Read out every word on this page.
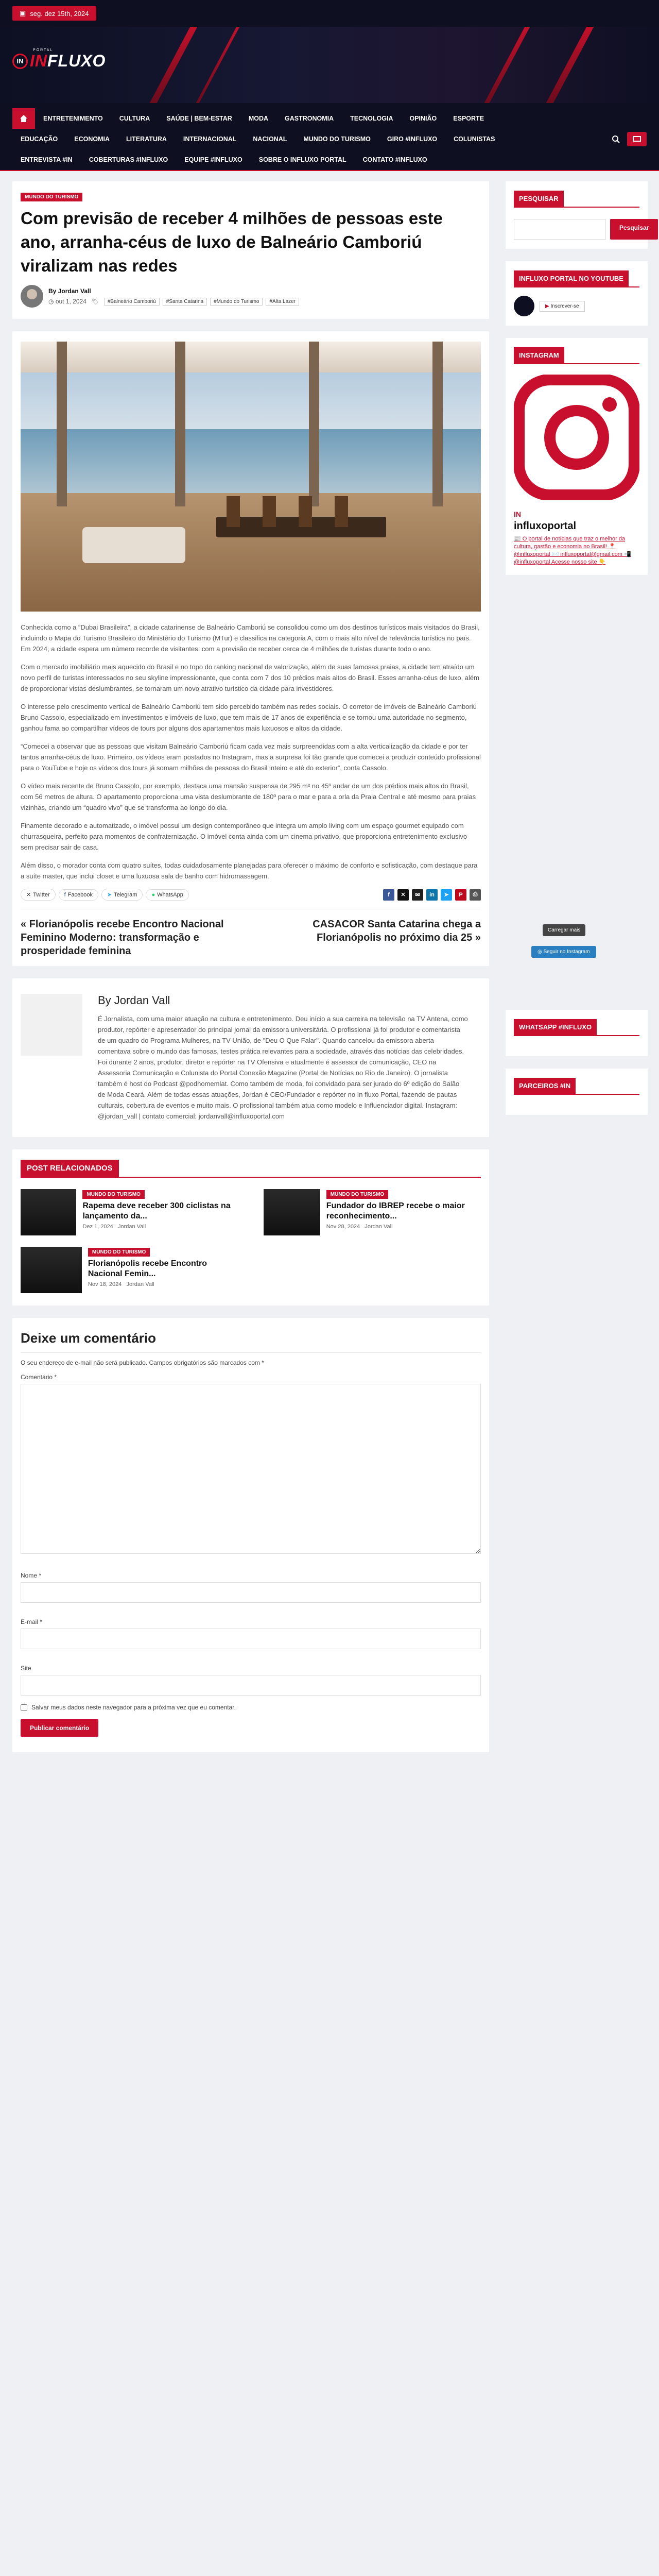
▣ seg. dez 15th, 2024
IN
PORTAL
INFLUXO
ENTRETENIMENTO	CULTURA	SAÚDE | BEM-ESTAR	MODA	GASTRONOMIA	TECNOLOGIA	OPINIÃO	ESPORTE
EDUCAÇÃO	ECONOMIA	LITERATURA	INTERNACIONAL	NACIONAL	MUNDO DO TURISMO	GIRO #INFLUXO	COLUNISTAS
ENTREVISTA #IN	COBERTURAS #INFLUXO	EQUIPE #INFLUXO	SOBRE O INFLUXO PORTAL	CONTATO #INFLUXO
MUNDO DO TURISMO
Com previsão de receber 4 milhões de pessoas este ano, arranha-céus de luxo de Balneário Camboriú viralizam nas redes
By Jordan Vall
◷ out 1, 2024 🏷	#Balneário Camboriú	#Santa Catarina	#Mundo do Turismo	#Alta Lazer

Conhecida como a “Dubai Brasileira”, a cidade catarinense de Balneário Camboriú se consolidou como um dos destinos turísticos mais visitados do Brasil, incluindo o Mapa do Turismo Brasileiro do Ministério do Turismo (MTur) e classifica na categoria A, com o mais alto nível de relevância turística no país. Em 2024, a cidade espera um número recorde de visitantes: com a previsão de receber cerca de 4 milhões de turistas durante todo o ano.

Com o mercado imobiliário mais aquecido do Brasil e no topo do ranking nacional de valorização, além de suas famosas praias, a cidade tem atraído um novo perfil de turistas interessados no seu skyline impressionante, que conta com 7 dos 10 prédios mais altos do Brasil. Esses arranha-céus de luxo, além de proporcionar vistas deslumbrantes, se tornaram um novo atrativo turístico da cidade para investidores.

O interesse pelo crescimento vertical de Balneário Camboriú tem sido percebido também nas redes sociais. O corretor de imóveis de Balneário Camboriú Bruno Cassolo, especializado em investimentos e imóveis de luxo, que tem mais de 17 anos de experiência e se tornou uma autoridade no segmento, ganhou fama ao compartilhar vídeos de tours por alguns dos apartamentos mais luxuosos e altos da cidade.

“Comecei a observar que as pessoas que visitam Balneário Camboriú ficam cada vez mais surpreendidas com a alta verticalização da cidade e por ter tantos arranha-céus de luxo. Primeiro, os vídeos eram postados no Instagram, mas a surpresa foi tão grande que comecei a produzir conteúdo profissional para o YouTube e hoje os vídeos dos tours já somam milhões de pessoas do Brasil inteiro e até do exterior”, conta Cassolo.

O vídeo mais recente de Bruno Cassolo, por exemplo, destaca uma mansão suspensa de 295 m² no 45º andar de um dos prédios mais altos do Brasil, com 56 metros de altura. O apartamento proporciona uma vista deslumbrante de 180º para o mar e para a orla da Praia Central e até mesmo para praias vizinhas, criando um “quadro vivo” que se transforma ao longo do dia.

Finamente decorado e automatizado, o imóvel possui um design contemporâneo que integra um amplo living com um espaço gourmet equipado com churrasqueira, perfeito para momentos de confraternização. O imóvel conta ainda com um cinema privativo, que proporciona entretenimento exclusivo sem precisar sair de casa.

Além disso, o morador conta com quatro suítes, todas cuidadosamente planejadas para oferecer o máximo de conforto e sofisticação, com destaque para a suíte master, que inclui closet e uma luxuosa sala de banho com hidromassagem.

✕ Twitter	f Facebook	➤ Telegram	● WhatsApp	f	✕	✉	in	➤	P	⎙
« Florianópolis recebe Encontro Nacional Feminino Moderno: transformação e prosperidade feminina
CASACOR Santa Catarina chega a Florianópolis no próximo dia 25 »
By Jordan Vall
É Jornalista, com uma maior atuação na cultura e entretenimento. Deu início a sua carreira na televisão na TV Antena, como produtor, repórter e apresentador do principal jornal da emissora universitária. O profissional já foi produtor e comentarista de um quadro do Programa Mulheres, na TV União, de "Deu O Que Falar". Quando cancelou da emissora aberta comentava sobre o mundo das famosas, testes prática relevantes para a sociedade, através das notícias das celebridades. Foi durante 2 anos, produtor, diretor e repórter na TV Ofensiva e atualmente é assessor de comunicação, CEO na Assessoria Comunicação e Colunista do Portal Conexão Magazine (Portal de Notícias no Rio de Janeiro). O jornalista também é host do Podcast @podhomemlat. Como também de moda, foi convidado para ser jurado do 6º edição do Salão de Moda Ceará. Além de todas essas atuações, Jordan é CEO/Fundador e repórter no In fluxo Portal, fazendo de pautas culturais, cobertura de eventos e muito mais. O profissional também atua como modelo e Influenciador digital. Instagram: @jordan_vall | contato comercial: jordanvall@influxoportal.com
POST RELACIONADOS
MUNDO DO TURISMO
Rapema deve receber 300 ciclistas na lançamento da...
Dez 1, 2024 Jordan Vall
MUNDO DO TURISMO
Fundador do IBREP recebe o maior reconhecimento...
Nov 28, 2024 Jordan Vall
MUNDO DO TURISMO
Florianópolis recebe Encontro Nacional Femin...
Nov 18, 2024 Jordan Vall
Deixe um comentário
O seu endereço de e-mail não será publicado. Campos obrigatórios são marcados com *
Comentário *
Nome *
E-mail *
Site
Salvar meus dados neste navegador para a próxima vez que eu comentar.
Publicar comentário
PESQUISAR
Pesquisar
INFLUXO PORTAL NO YOUTUBE
▶ Inscrever-se
INSTAGRAM
IN
influxoportal
📰 O portal de notícias que traz o melhor da cultura, gastão e economia no Brasil! 📍 @influxoportal ✉️ influxoportal@gmail.com 📲 @influxoportal Acesse nosso site 👇
Carregar mais
◎ Seguir no Instagram
WHATSAPP #INFLUXO
PARCEIROS #IN
